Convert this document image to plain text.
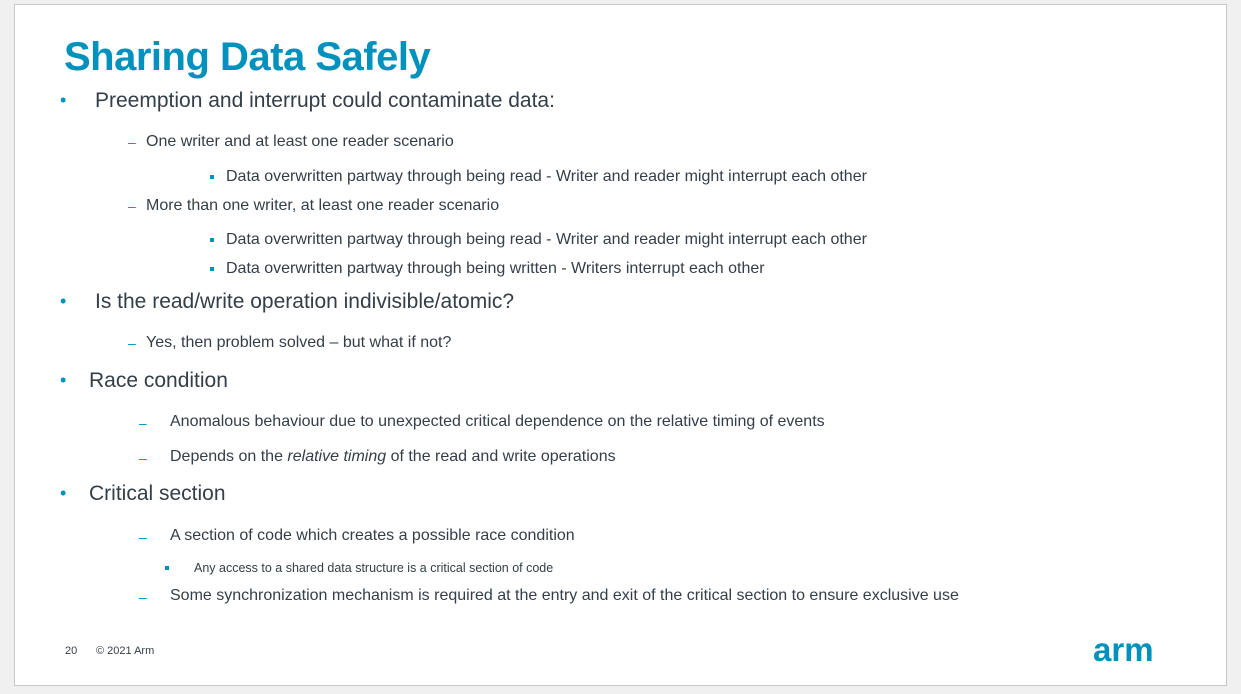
Sharing Data Safely
• Preemption and interrupt could contaminate data:
– One writer and at least one reader scenario
Data overwritten partway through being read - Writer and reader might interrupt each other
– More than one writer, at least one reader scenario
Data overwritten partway through being read - Writer and reader might interrupt each other
Data overwritten partway through being written - Writers interrupt each other
• Is the read/write operation indivisible/atomic?
– Yes, then problem solved – but what if not?
• Race condition
– Anomalous behaviour due to unexpected critical dependence on the relative timing of events
– Depends on the relative timing of the read and write operations
• Critical section
– A section of code which creates a possible race condition
Any access to a shared data structure is a critical section of code
– Some synchronization mechanism is required at the entry and exit of the critical section to ensure exclusive use
20 © 2021 Arm	arm
